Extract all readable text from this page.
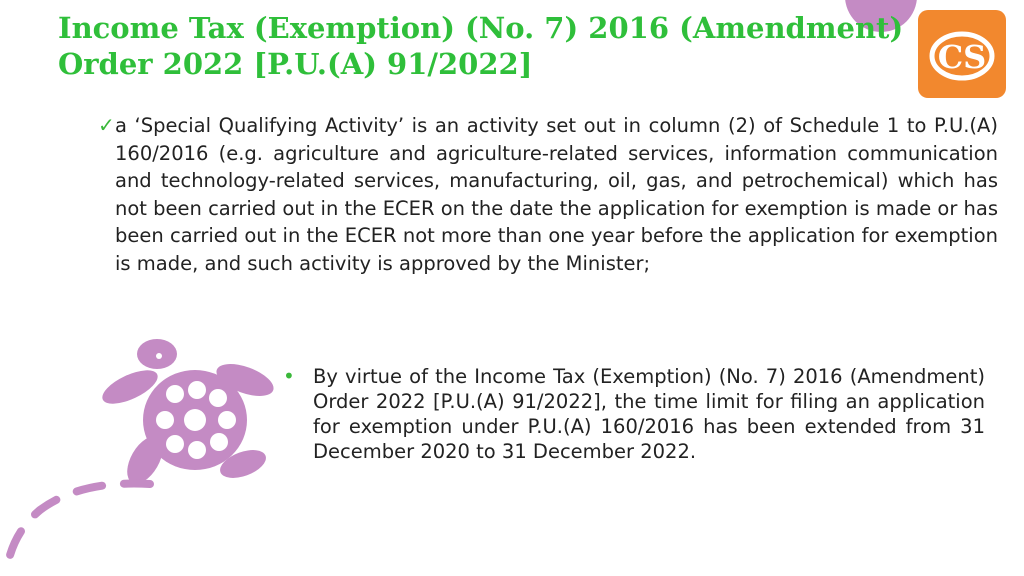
Income Tax (Exemption) (No. 7) 2016 (Amendment)
Order 2022 [P.U.(A) 91/2022]	CS
✓ a ‘Special Qualifying Activity’ is an activity set out in column (2) of Schedule 1 to P.U.(A) 160/2016 (e.g. agriculture and agriculture-related services, information communication and technology-related services, manufacturing, oil, gas, and petrochemical) which has not been carried out in the ECER on the date the application for exemption is made or has been carried out in the ECER not more than one year before the application for exemption is made, and such activity is approved by the Minister;
• By virtue of the Income Tax (Exemption) (No. 7) 2016 (Amendment) Order 2022 [P.U.(A) 91/2022], the time limit for filing an application for exemption under P.U.(A) 160/2016 has been extended from 31 December 2020 to 31 December 2022.
